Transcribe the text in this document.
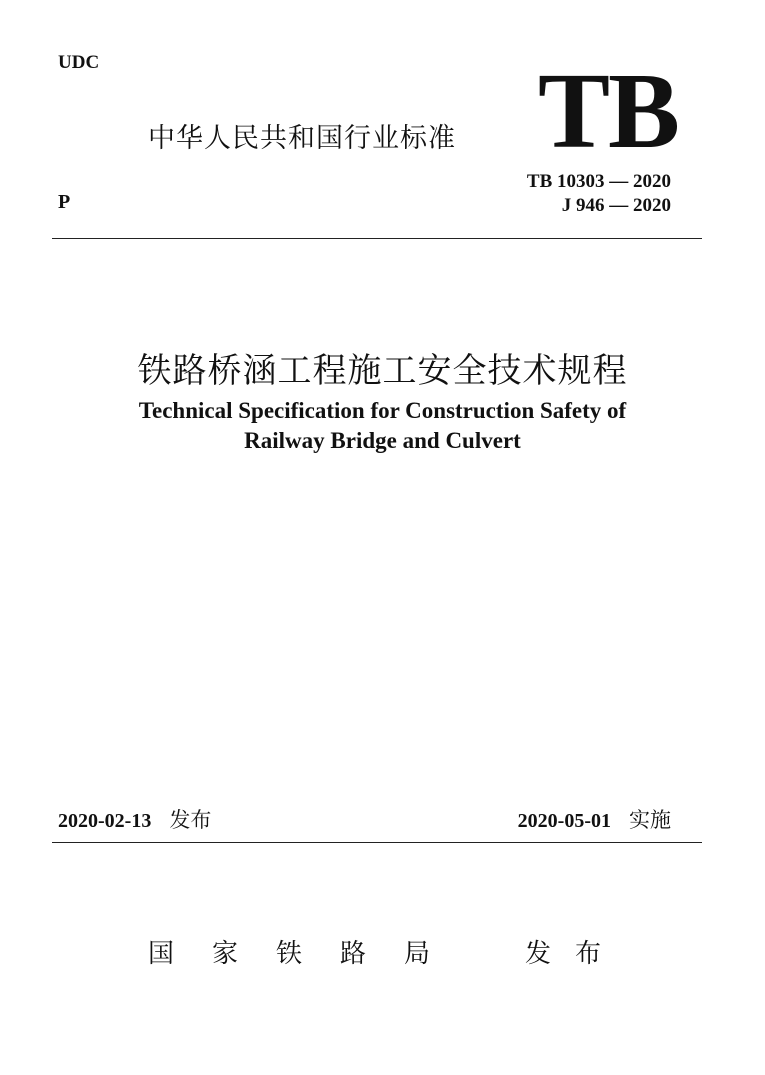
UDC
P
中华人民共和国行业标准 TB
TB 10303 — 2020
J 946 — 2020
铁路桥涵工程施工安全技术规程
Technical Specification for Construction Safety of
Railway Bridge and Culvert
2020-02-13 发布	2020-05-01 实施
国家铁路局 发布
